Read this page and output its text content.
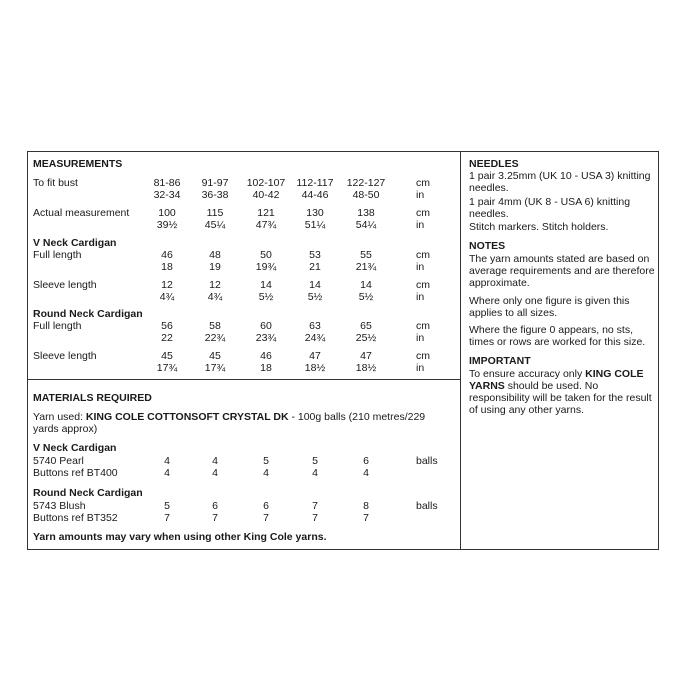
MEASUREMENTS
To fit bust	81-86	91-97	102-107 112-117 122-127	cm
32-34	36-38	40-42	44-46	48-50	in
Actual measurement	100	115	121	130	138	cm
39½	45¼	47¾	51¼	54¼	in
V Neck Cardigan
Full length	46	48	50	53	55	cm
18	19	19¾	21	21¾	in
Sleeve length	12	12	14	14	14	cm
4¾	4¾	5½	5½	5½	in
Round Neck Cardigan
Full length	56	58	60	63	65	cm
22	22¾	23¾	24¾	25½	in
Sleeve length	45	45	46	47	47	cm
17¾	17¾	18	18½	18½	in
MATERIALS REQUIRED
Yarn used: KING COLE COTTONSOFT CRYSTAL DK - 100g balls (210 metres/229
yards approx)
V Neck Cardigan
5740 Pearl	4	4	5	5	6	balls
Buttons ref BT400	4	4	4	4	4
Round Neck Cardigan
5743 Blush	5	6	6	7	8	balls
Buttons ref BT352	7	7	7	7	7
Yarn amounts may vary when using other King Cole yarns.
NEEDLES
1 pair 3.25mm (UK 10 - USA 3) knitting needles.
1 pair 4mm (UK 8 - USA 6) knitting needles.
Stitch markers. Stitch holders.
NOTES
The yarn amounts stated are based on average requirements and are therefore approximate.
Where only one figure is given this applies to all sizes.
Where the figure 0 appears, no sts, times or rows are worked for this size.
IMPORTANT
To ensure accuracy only KING COLE YARNS should be used. No responsibility will be taken for the result of using any other yarns.
